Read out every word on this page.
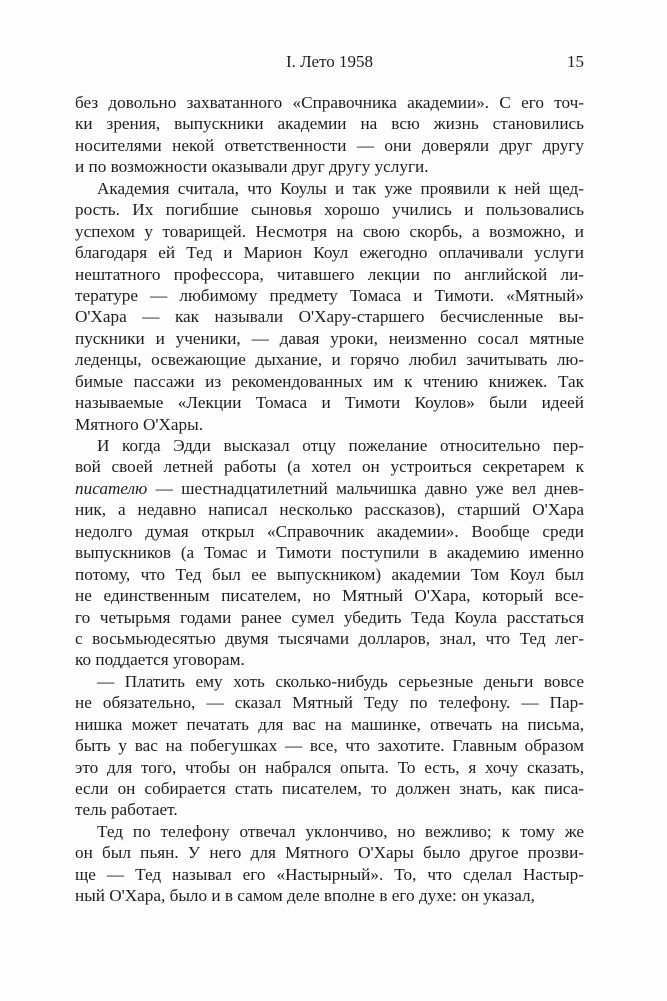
I. Лето 1958	15
без довольно захватанного «Справочника академии». С его точ-
ки зрения, выпускники академии на всю жизнь становились
носителями некой ответственности — они доверяли друг другу
и по возможности оказывали друг другу услуги.
Академия считала, что Коулы и так уже проявили к ней щед-
рость. Их погибшие сыновья хорошо учились и пользовались
успехом у товарищей. Несмотря на свою скорбь, а возможно, и
благодаря ей Тед и Марион Коул ежегодно оплачивали услуги
нештатного профессора, читавшего лекции по английской ли-
тературе — любимому предмету Томаса и Тимоти. «Мятный»
О'Хара — как называли О'Хару-старшего бесчисленные вы-
пускники и ученики, — давая уроки, неизменно сосал мятные
леденцы, освежающие дыхание, и горячо любил зачитывать лю-
бимые пассажи из рекомендованных им к чтению книжек. Так
называемые «Лекции Томаса и Тимоти Коулов» были идеей
Мятного О'Хары.
И когда Эдди высказал отцу пожелание относительно пер-
вой своей летней работы (а хотел он устроиться секретарем к
писателю — шестнадцатилетний мальчишка давно уже вел днев-
ник, а недавно написал несколько рассказов), старший О'Хара
недолго думая открыл «Справочник академии». Вообще среди
выпускников (а Томас и Тимоти поступили в академию именно
потому, что Тед был ее выпускником) академии Том Коул был
не единственным писателем, но Мятный О'Хара, который все-
го четырьмя годами ранее сумел убедить Теда Коула расстаться
с восьмьюдесятью двумя тысячами долларов, знал, что Тед лег-
ко поддается уговорам.
— Платить ему хоть сколько-нибудь серьезные деньги вовсе
не обязательно, — сказал Мятный Теду по телефону. — Пар-
нишка может печатать для вас на машинке, отвечать на письма,
быть у вас на побегушках — все, что захотите. Главным образом
это для того, чтобы он набрался опыта. То есть, я хочу сказать,
если он собирается стать писателем, то должен знать, как писа-
тель работает.
Тед по телефону отвечал уклончиво, но вежливо; к тому же
он был пьян. У него для Мятного О'Хары было другое прозви-
ще — Тед называл его «Настырный». То, что сделал Настыр-
ный О'Хара, было и в самом деле вполне в его духе: он указал,
